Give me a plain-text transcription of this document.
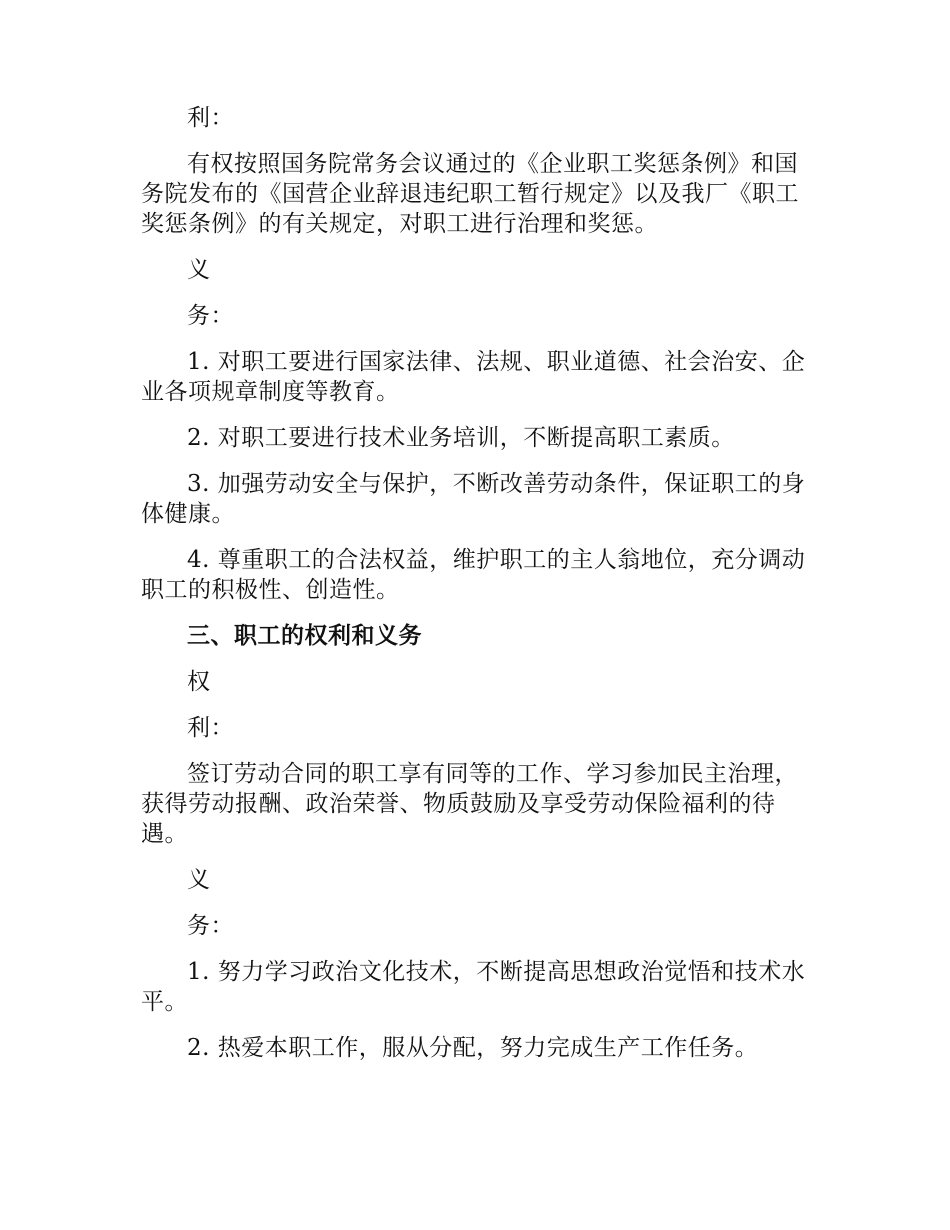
利：

有权按照国务院常务会议通过的《企业职工奖惩条例》和国务院发布的《国营企业辞退违纪职工暂行规定》以及我厂《职工奖惩条例》的有关规定，对职工进行治理和奖惩。

义

务：

1. 对职工要进行国家法律、法规、职业道德、社会治安、企业各项规章制度等教育。

2. 对职工要进行技术业务培训，不断提高职工素质。

3. 加强劳动安全与保护，不断改善劳动条件，保证职工的身体健康。

4. 尊重职工的合法权益，维护职工的主人翁地位，充分调动职工的积极性、创造性。

三、职工的权利和义务

权

利：

签订劳动合同的职工享有同等的工作、学习参加民主治理，获得劳动报酬、政治荣誉、物质鼓励及享受劳动保险福利的待遇。

义

务：

1. 努力学习政治文化技术，不断提高思想政治觉悟和技术水平。

2. 热爱本职工作，服从分配，努力完成生产工作任务。
